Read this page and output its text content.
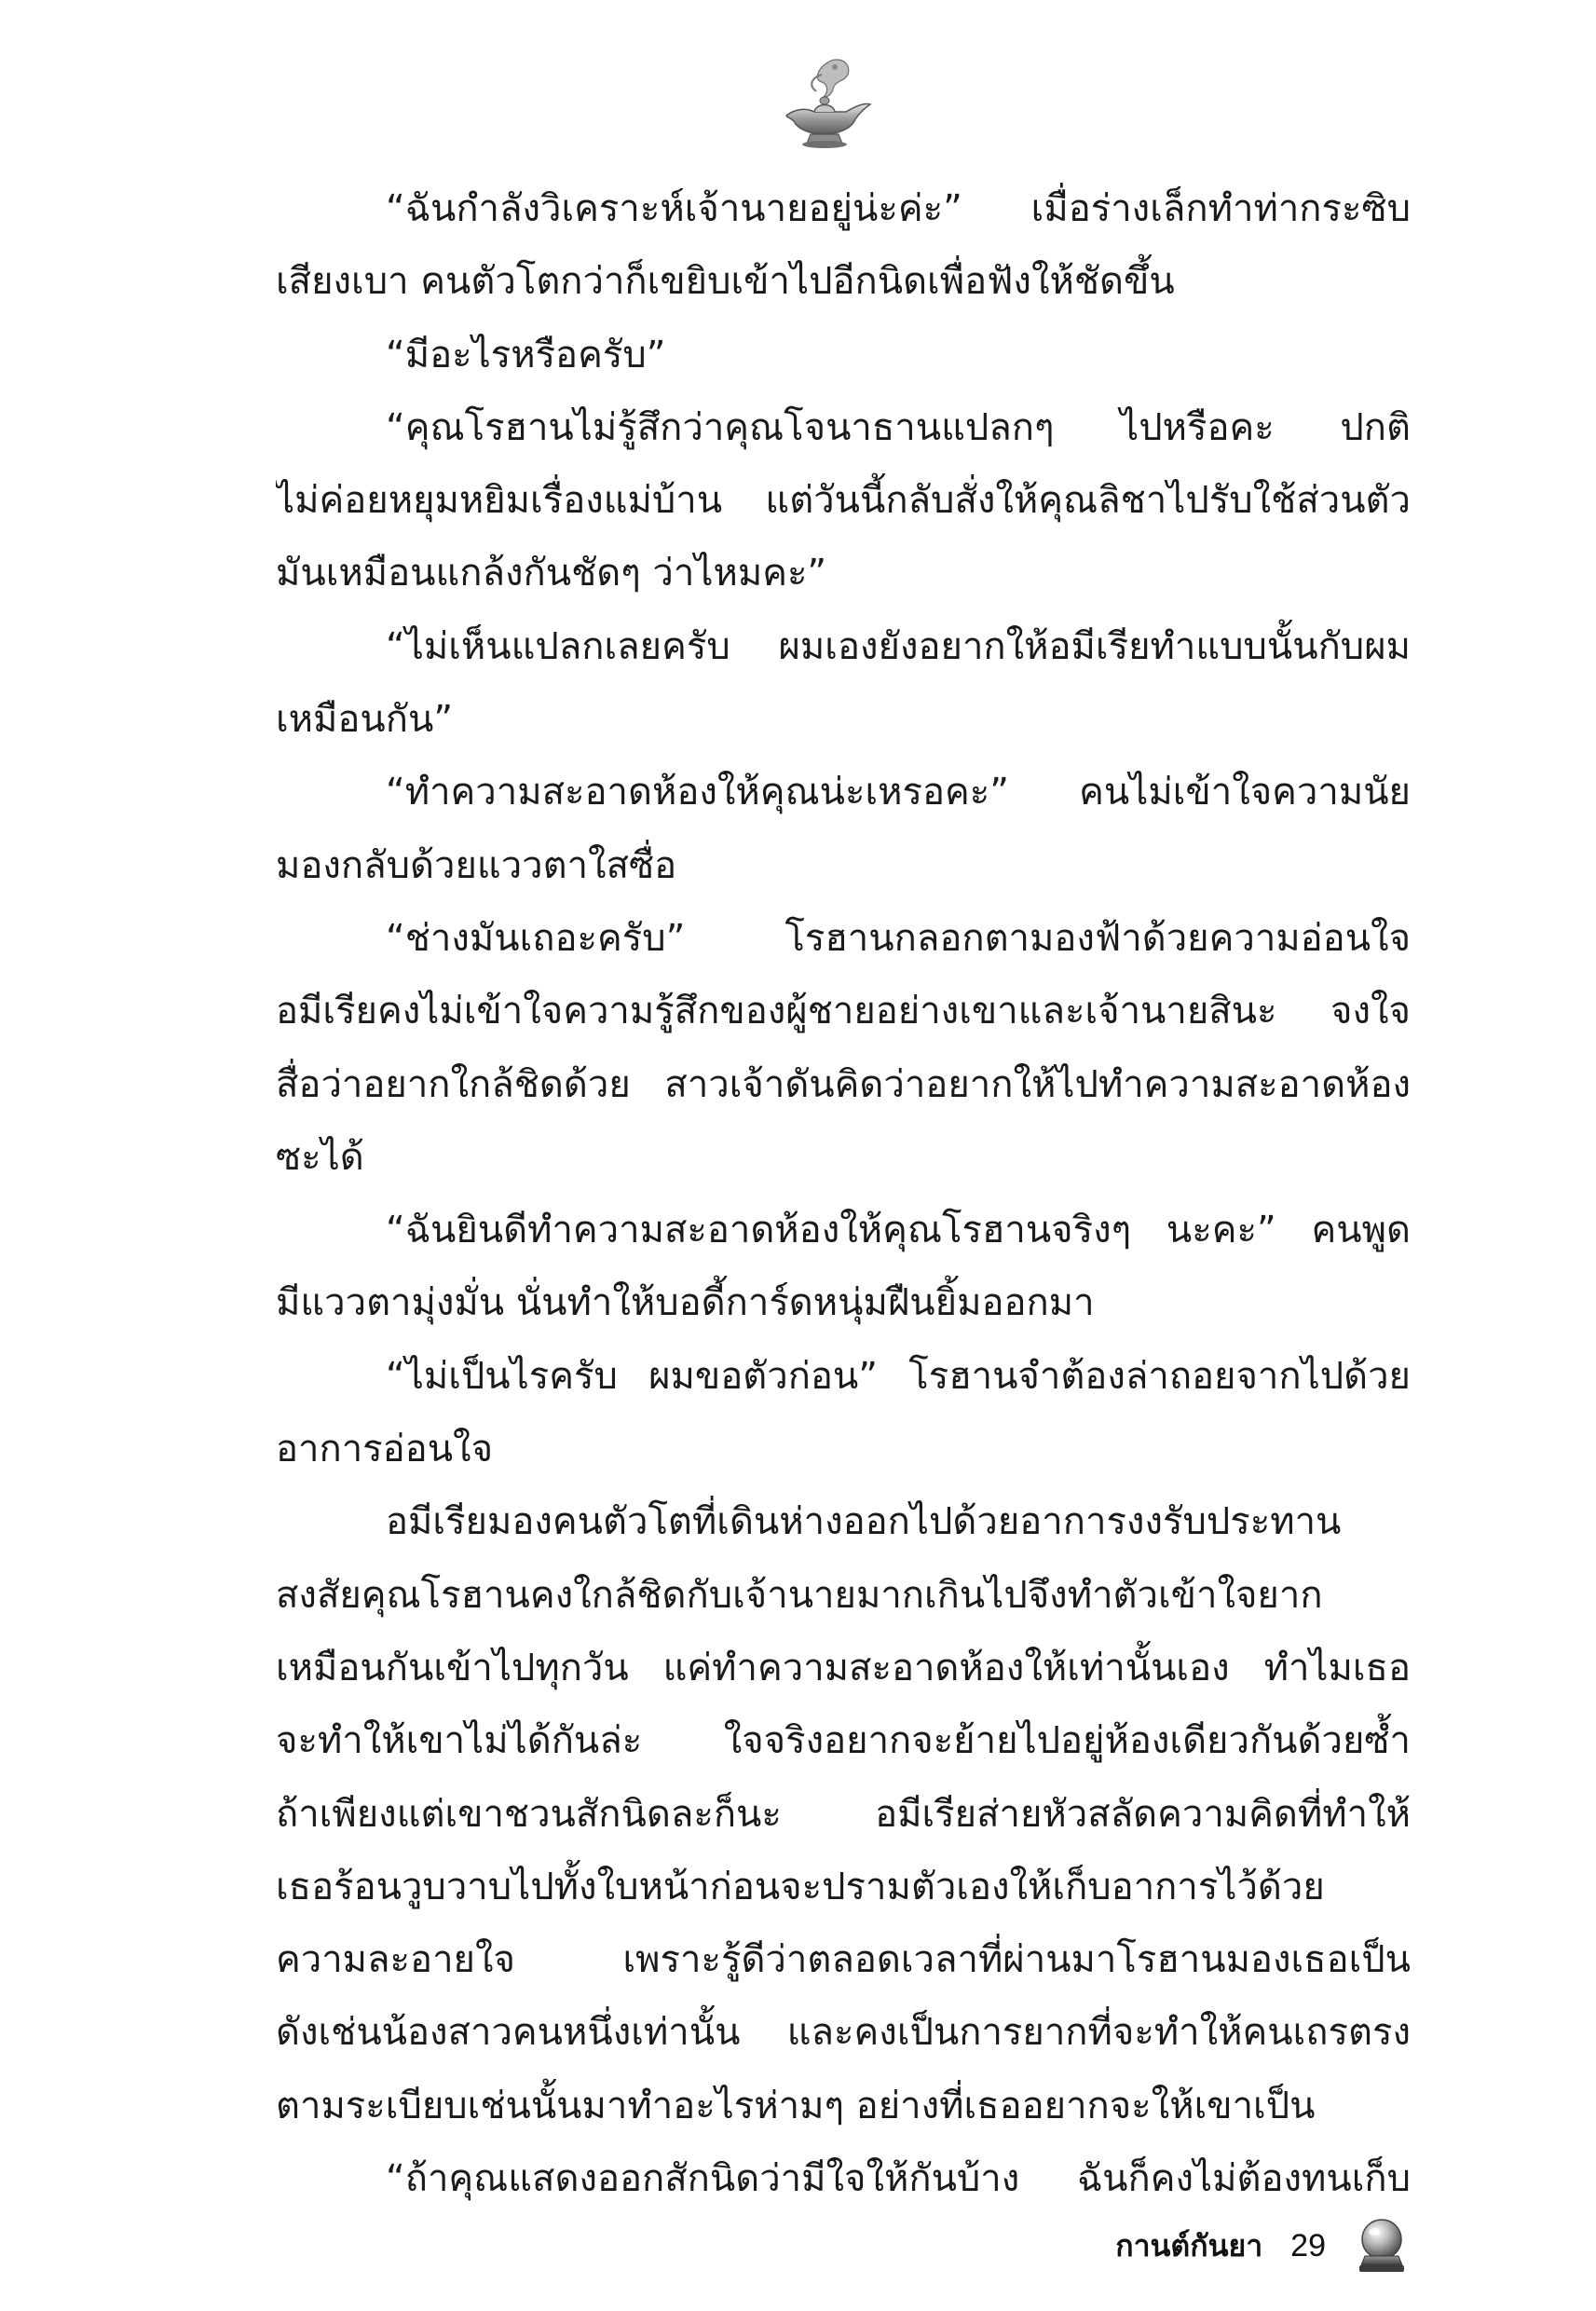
“ฉันกำลังวิเคราะห์เจ้านายอยู่น่ะค่ะ” เมื่อร่างเล็กทำท่ากระซิบ
เสียงเบา คนตัวโตกว่าก็เขยิบเข้าไปอีกนิดเพื่อฟังให้ชัดขึ้น
“มีอะไรหรือครับ”
“คุณโรฮานไม่รู้สึกว่าคุณโจนาธานแปลกๆ ไปหรือคะ ปกติ
ไม่ค่อยหยุมหยิมเรื่องแม่บ้าน แต่วันนี้กลับสั่งให้คุณลิชาไปรับใช้ส่วนตัว
มันเหมือนแกล้งกันชัดๆ ว่าไหมคะ”
“ไม่เห็นแปลกเลยครับ ผมเองยังอยากให้อมีเรียทำแบบนั้นกับผม
เหมือนกัน”
“ทำความสะอาดห้องให้คุณน่ะเหรอคะ” คนไม่เข้าใจความนัย
มองกลับด้วยแววตาใสซื่อ
“ช่างมันเถอะครับ” โรฮานกลอกตามองฟ้าด้วยความอ่อนใจ
อมีเรียคงไม่เข้าใจความรู้สึกของผู้ชายอย่างเขาและเจ้านายสินะ จงใจ
สื่อว่าอยากใกล้ชิดด้วย สาวเจ้าดันคิดว่าอยากให้ไปทำความสะอาดห้อง
ซะได้
“ฉันยินดีทำความสะอาดห้องให้คุณโรฮานจริงๆ นะคะ” คนพูด
มีแววตามุ่งมั่น นั่นทำให้บอดี้การ์ดหนุ่มฝืนยิ้มออกมา
“ไม่เป็นไรครับ ผมขอตัวก่อน” โรฮานจำต้องล่าถอยจากไปด้วย
อาการอ่อนใจ
อมีเรียมองคนตัวโตที่เดินห่างออกไปด้วยอาการงงรับประทาน
สงสัยคุณโรฮานคงใกล้ชิดกับเจ้านายมากเกินไปจึงทำตัวเข้าใจยาก
เหมือนกันเข้าไปทุกวัน แค่ทำความสะอาดห้องให้เท่านั้นเอง ทำไมเธอ
จะทำให้เขาไม่ได้กันล่ะ ใจจริงอยากจะย้ายไปอยู่ห้องเดียวกันด้วยซ้ำ
ถ้าเพียงแต่เขาชวนสักนิดละก็นะ อมีเรียส่ายหัวสลัดความคิดที่ทำให้
เธอร้อนวูบวาบไปทั้งใบหน้าก่อนจะปรามตัวเองให้เก็บอาการไว้ด้วย
ความละอายใจ เพราะรู้ดีว่าตลอดเวลาที่ผ่านมาโรฮานมองเธอเป็น
ดังเช่นน้องสาวคนหนึ่งเท่านั้น และคงเป็นการยากที่จะทำให้คนเถรตรง
ตามระเบียบเช่นนั้นมาทำอะไรห่ามๆ อย่างที่เธออยากจะให้เขาเป็น
“ถ้าคุณแสดงออกสักนิดว่ามีใจให้กันบ้าง ฉันก็คงไม่ต้องทนเก็บ
กานต์กันยา 29
